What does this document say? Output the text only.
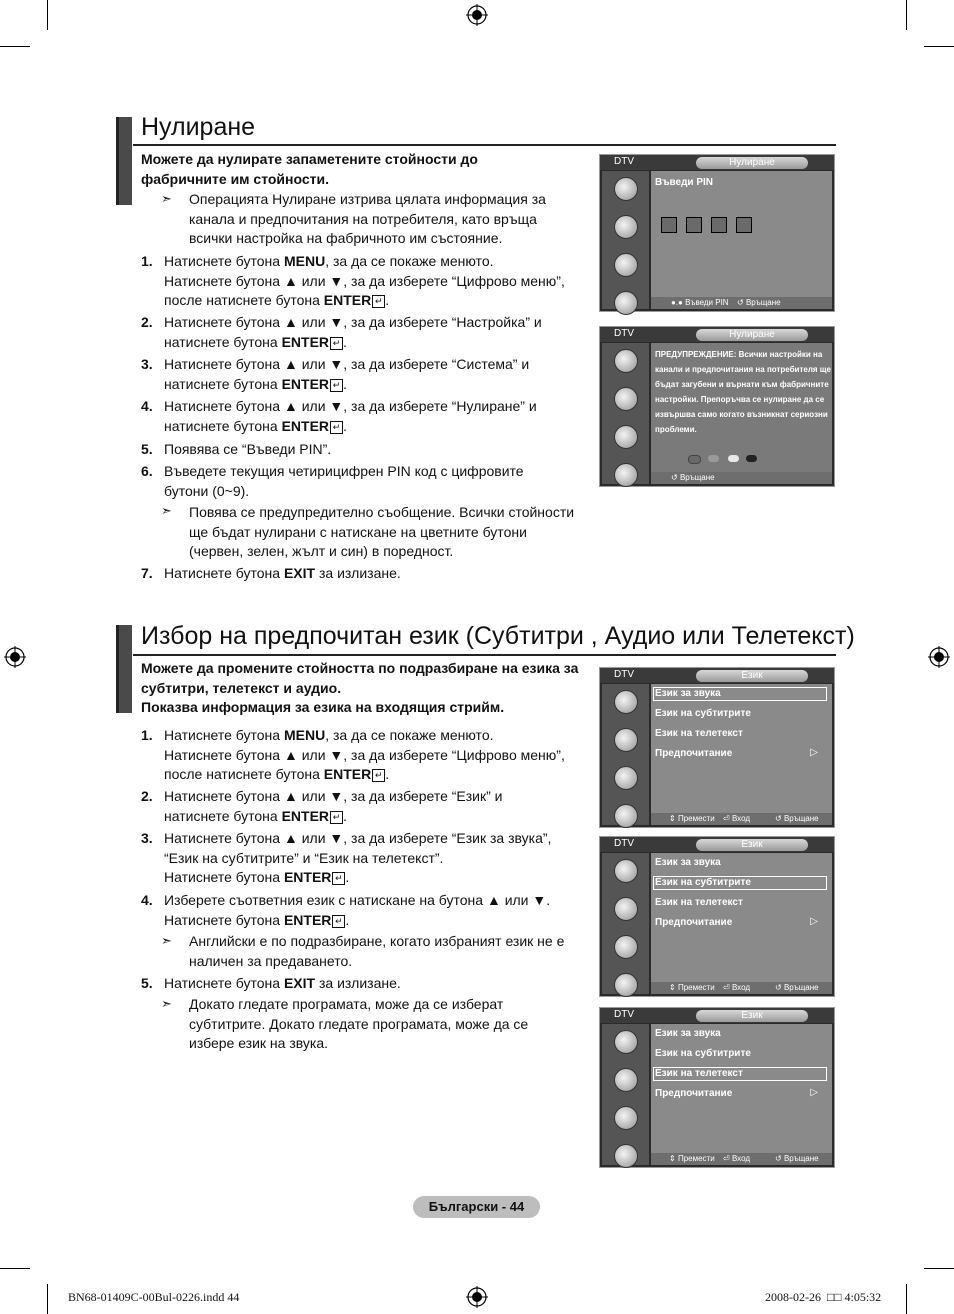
Нулиране
Можете да нулирате запаметените стойности до фабричните им стойности.
➣ Операцията Нулиране изтрива цялата информация за канала и предпочитания на потребителя, като връща всички настройка на фабричното им състояние.
1. Натиснете бутона MENU, за да се покаже менюто.
Натиснете бутона ▲ или ▼, за да изберете “Цифрово меню”, после натиснете бутона ENTER ↵ .
2. Натиснете бутона ▲ или ▼, за да изберете “Настройка” и
натиснете бутона ENTER ↵ .
3. Натиснете бутона ▲ или ▼, за да изберете “Система” и
натиснете бутона ENTER ↵ .
4. Натиснете бутона ▲ или ▼, за да изберете “Нулиране” и
натиснете бутона ENTER ↵ .
5. Появява се “Въведи PIN”.
6. Въведете текущия четирицифрен PIN код с цифровите бутони (0~9).
➣ Повява се предупредително съобщение. Всички стойности ще бъдат нулирани с натискане на цветните бутони (червен, зелен, жълт и син) в поредност.
7. Натиснете бутона EXIT за излизане.
DTV	Нулиране
Въведи PIN
●.● Въведи PIN ↺ Връщане
DTV	Нулиране
ПРЕДУПРЕЖДЕНИЕ: Всички настройки на канали и предпочитания на потребителя ще бъдат загубени и върнати към фабричните настройки. Препоръчва се нулиране да се извършва само когато възникнат сериозни проблеми.
↺ Връщане
Избор на предпочитан език (Субтитри , Аудио или Телетекст)
Можете да промените стойността по подразбиране на езика за субтитри, телетекст и аудио.
Показва информация за езика на входящия стрийм.
1. Натиснете бутона MENU, за да се покаже менюто.
Натиснете бутона ▲ или ▼, за да изберете “Цифрово меню”, после натиснете бутона ENTER ↵ .
2. Натиснете бутона ▲ или ▼, за да изберете “Език” и
натиснете бутона ENTER ↵ .
3. Натиснете бутона ▲ или ▼, за да изберете “Език за звука”, “Език на субтитрите” и “Език на телетекст”.
Натиснете бутона ENTER ↵ .
4. Изберете съответния език с натискане на бутона ▲ или ▼.
Натиснете бутона ENTER ↵ .
➣ Английски е по подразбиране, когато избраният език не е наличен за предаването.
5. Натиснете бутона EXIT за излизане.
➣ Докато гледате програмата, може да се изберат субтитрите. Докато гледате програмата, може да се избере език на звука.
DTV	Език
Език за звука
Език на субтитрите
Език на телетекст
Предпочитание	▷
⇕ Премести ⏎ Вход	↺ Връщане
DTV	Език
Език за звука
Език на субтитрите
Език на телетекст
Предпочитание	▷
⇕ Премести ⏎ Вход	↺ Връщане
DTV	Език
Език за звука
Език на субтитрите
Език на телетекст
Предпочитание	▷
⇕ Премести ⏎ Вход	↺ Връщане
Български - 44
BN68-01409C-00Bul-0226.indd 44	2008-02-26 □□ 4:05:32
